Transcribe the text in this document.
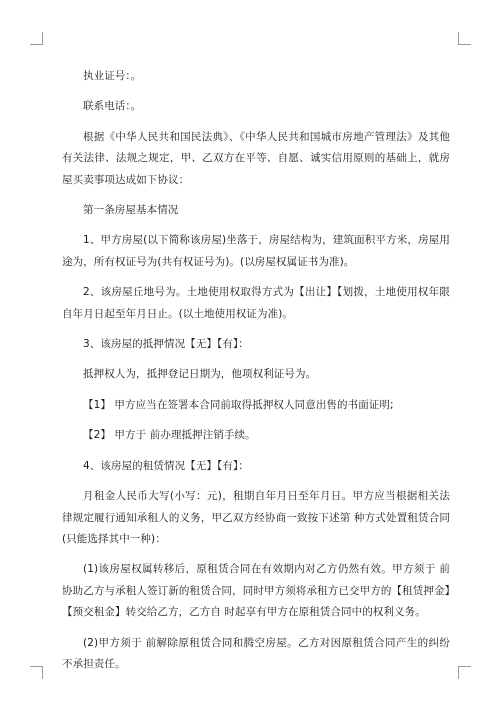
执业证号：。

联系电话：。

根据《中华人民共和国民法典》、《中华人民共和国城市房地产管理法》及其他有关法律、法规之规定，甲、乙双方在平等、自愿、诚实信用原则的基础上，就房屋买卖事项达成如下协议：

第一条房屋基本情况

1、甲方房屋(以下简称该房屋)坐落于，房屋结构为，建筑面积平方米，房屋用途为，所有权证号为(共有权证号为)。(以房屋权属证书为准)。

2、该房屋丘地号为。土地使用权取得方式为【出让】【划拨，土地使用权年限自年月日起至年月日止。(以土地使用权证为准)。

3、该房屋的抵押情况【无】【有】：

抵押权人为，抵押登记日期为，他项权利证号为。

【1】 甲方应当在签署本合同前取得抵押权人同意出售的书面证明;

【2】 甲方于 前办理抵押注销手续。

4、该房屋的租赁情况【无】【有】：

月租金人民币大写(小写：元)，租期自年月日至年月日。甲方应当根据相关法律规定履行通知承租人的义务，甲乙双方经协商一致按下述第 种方式处置租赁合同(只能选择其中一种)：

(1)该房屋权属转移后，原租赁合同在有效期内对乙方仍然有效。甲方须于 前协助乙方与承租人签订新的租赁合同，同时甲方须将承租方已交甲方的【租赁押金】【预交租金】转交给乙方，乙方自 时起享有甲方在原租赁合同中的权利义务。

(2)甲方须于 前解除原租赁合同和腾空房屋。乙方对因原租赁合同产生的纠纷不承担责任。
